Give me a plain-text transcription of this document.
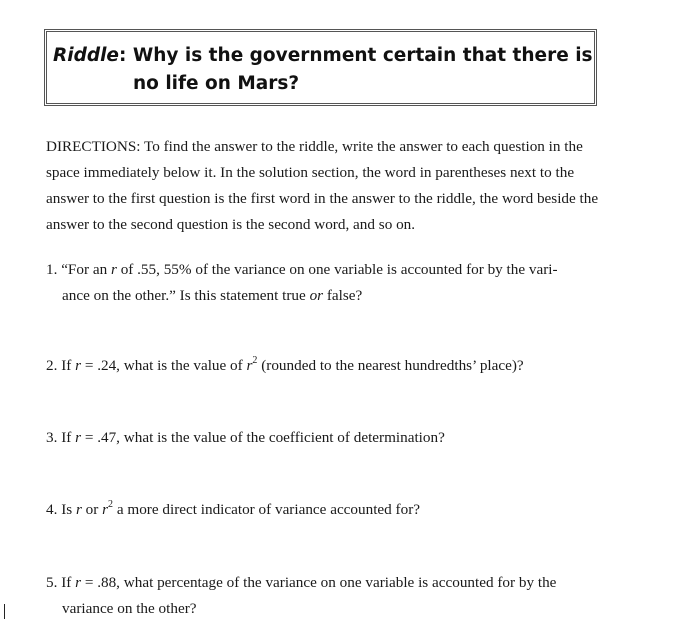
Riddle: Why is the government certain that there is
no life on Mars?
DIRECTIONS: To find the answer to the riddle, write the answer to each question in the space immediately below it. In the solution section, the word in parentheses next to the answer to the first question is the first word in the answer to the riddle, the word beside the answer to the second question is the second word, and so on.
1. “For an r of .55, 55% of the variance on one variable is accounted for by the vari-
ance on the other.” Is this statement true or false?
2. If r = .24, what is the value of $r^2$ (rounded to the nearest hundredths’ place)?
3. If r = .47, what is the value of the coefficient of determination?
4. Is r or $r^2$ a more direct indicator of variance accounted for?
5. If r = .88, what percentage of the variance on one variable is accounted for by the
variance on the other?
